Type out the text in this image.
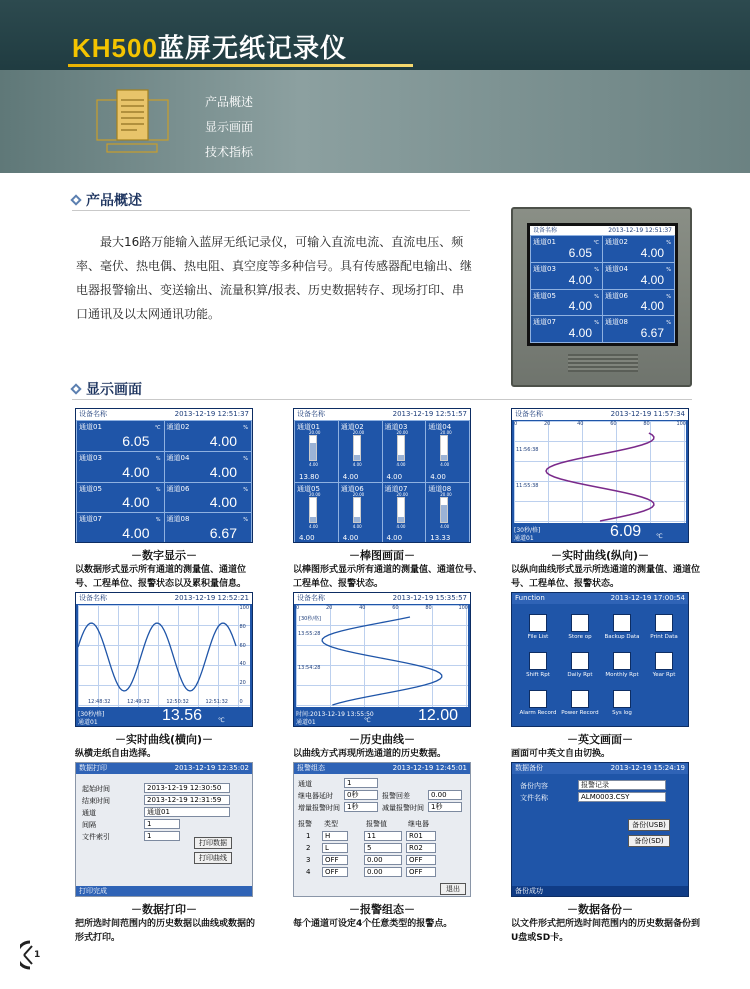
KH500蓝屏无纸记录仪
产品概述
显示画面
技术指标
产品概述
最大16路万能输入蓝屏无纸记录仪，可输入直流电流、直流电压、频率、毫伏、热电偶、热电阻、真空度等多种信号。具有传感器配电输出、继电器报警输出、变送输出、流量积算/报表、历史数据转存、现场打印、串口通讯及以太网通讯功能。
设备名称	2013-12-19 12:51:37
通道01	℃
6.05
通道02	%
4.00
通道03	%
4.00
通道04	%
4.00
通道05	%
4.00
通道06	%
4.00
通道07	%
4.00
通道08	%
6.67
显示画面
设备名称	2013-12-19 12:51:37
通道01	℃
6.05
通道02	%
4.00
通道03	%
4.00
通道04	%
4.00
通道05	%
4.00
通道06	%
4.00
通道07	%
4.00
通道08	%
6.67
－数字显示－
以数据形式显示所有通道的测量值、通道位号、工程单位、报警状态以及累积量信息。
设备名称	2013-12-19 12:51:57
通道01
20.00
4.00
13.80
通道02
20.00
4.00
4.00
通道03
20.00
4.00
4.00
通道04
20.00
4.00
4.00
通道05
20.00
4.00
4.00
通道06
20.00
4.00
4.00
通道07
20.00
4.00
4.00
通道08
20.00
4.00
13.33
－棒图画面－
以棒图形式显示所有通道的测量值、通道位号、工程单位、报警状态。
设备名称	2013-12-19 11:57:34
0	20	40	60	80	100
11:56:38
11:55:38
[30秒/格]
通道01	6.09 ℃
－实时曲线(纵向)－
以纵向曲线形式显示所选通道的测量值、通道位号、工程单位、报警状态。
设备名称	2013-12-19 12:52:21
100
80
60
40
20
0
12:48:32	12:49:32	12:50:32	12:51:32
[30秒/格]
通道01	13.56	℃
－实时曲线(横向)－
纵横走纸自由选择。
设备名称	2013-12-19 15:35:57
0	20	40	60	80	100
[30秒/格]
13:55:28
13:54:28
时间:2013-12-19 13:55:50
通道01	℃	12.00
－历史曲线－
以曲线方式再现所选通道的历史数据。
Function	2013-12-19 17:00:54
File List	Store op	Backup Data	Print Data
Shift Rpt	Daily Rpt	Monthly Rpt	Year Rpt
Alarm Record Power Record	Sys log
－英文画面－
画面可中英文自由切换。
数据打印	2013-12-19 12:35:02
起始时间	2013-12-19 12:30:50
结束时间	2013-12-19 12:31:59
通道	通道01
间隔	1
文件索引	1
打印数据
打印曲线
打印完成
－数据打印－
把所选时间范围内的历史数据以曲线或数据的形式打印。
报警组态	2013-12-19 12:45:01
通道	1
继电器延时	0秒	报警回差	0.00
增量报警时间	1秒	减量报警时间	1秒
报警 类型	报警值	继电器
1	H	11	R01
2	L	5	R02
3	OFF	0.00	OFF
4	OFF	0.00	OFF
退出
－报警组态－
每个通道可设定4个任意类型的报警点。
数据备份	2013-12-19 15:24:19
备份内容	报警记录
文件名称	ALM0003.CSY
备份(USB)
备份(SD)
备份成功
－数据备份－
以文件形式把所选时间范围内的历史数据备份到U盘或SD卡。
1
